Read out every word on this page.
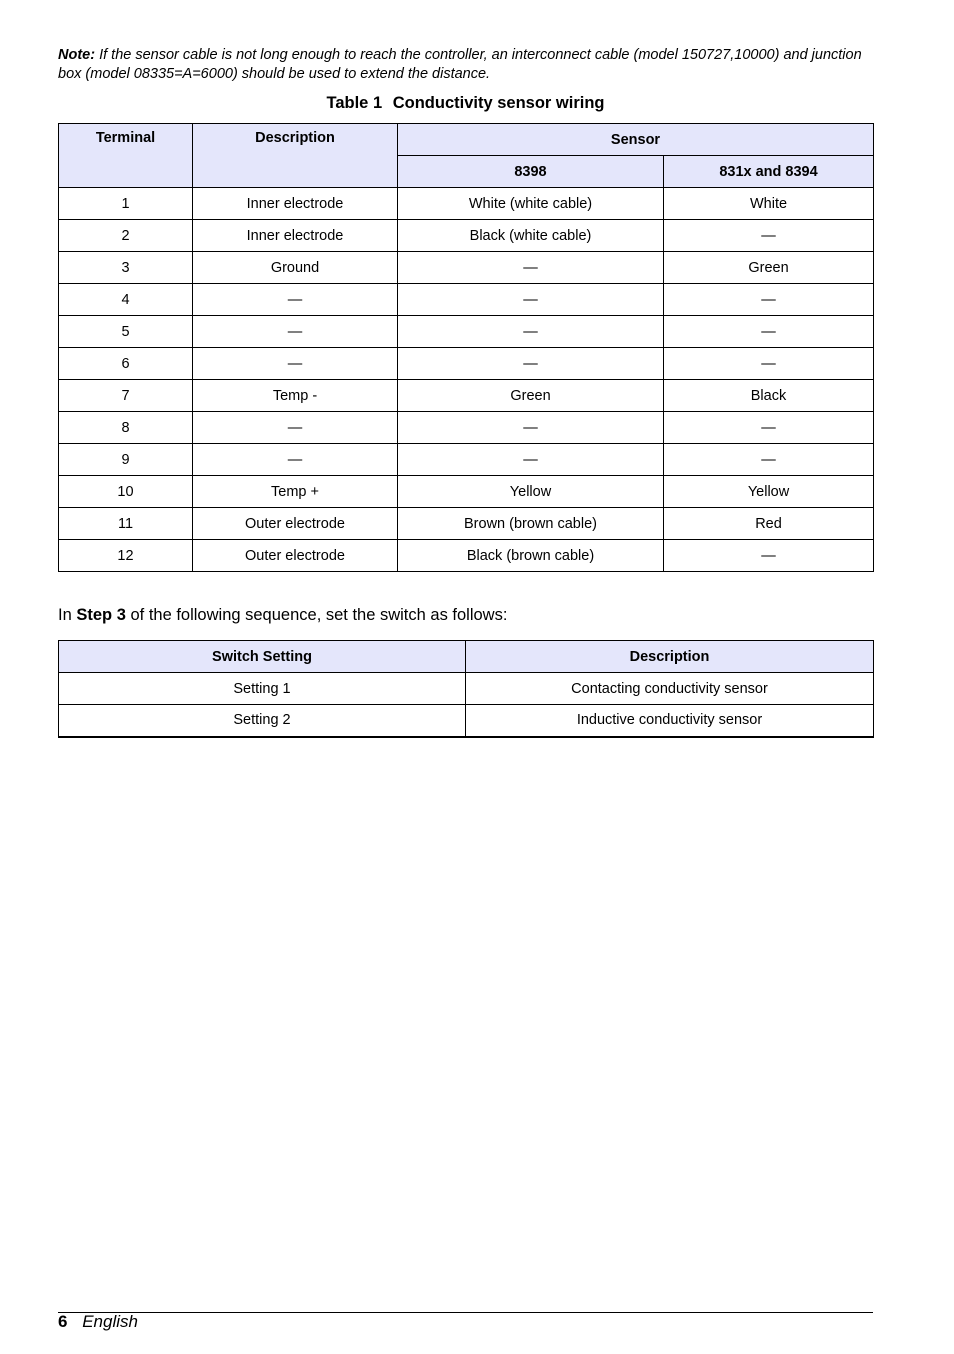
Note: If the sensor cable is not long enough to reach the controller, an interconnect cable (model 150727,10000) and junction box (model 08335=A=6000) should be used to extend the distance.
Table 1 Conductivity sensor wiring
Terminal	Description	Sensor	
		8398	831x and 8394
1	Inner electrode	White (white cable)	White
2	Inner electrode	Black (white cable)	—
3	Ground	—	Green
4	—	—	—
5	—	—	—
6	—	—	—
7	Temp -	Green	Black
8	—	—	—
9	—	—	—
10	Temp +	Yellow	Yellow
11	Outer electrode	Brown (brown cable)	Red
12	Outer electrode	Black (brown cable)	—
In Step 3 of the following sequence, set the switch as follows:
Switch Setting	Description
Setting 1	Contacting conductivity sensor
Setting 2	Inductive conductivity sensor
6 English
